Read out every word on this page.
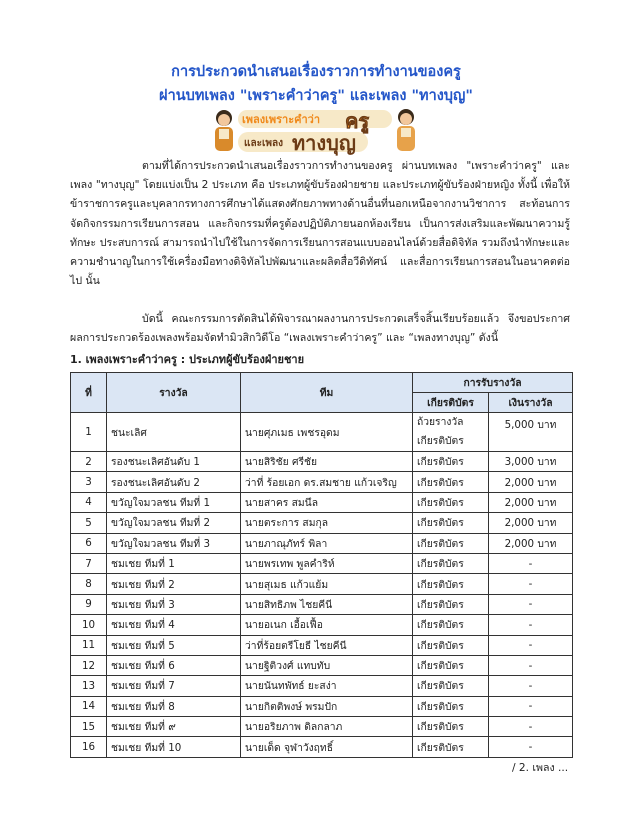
การประกวดนำเสนอเรื่องราวการทำงานของครู
ผ่านบทเพลง "เพราะคำว่าครู" และเพลง "ทางบุญ"
เพลงเพราะคำว่า ครู
และเพลง ทางบุญ
ตามที่ได้การประกวดนำเสนอเรื่องราวการทำงานของครู ผ่านบทเพลง "เพราะคำว่าครู" และเพลง "ทางบุญ" โดยแบ่งเป็น 2 ประเภท คือ ประเภทผู้ขับร้องฝ่ายชาย และประเภทผู้ขับร้องฝ่ายหญิง ทั้งนี้ เพื่อให้ข้าราชการครูและบุคลากรทางการศึกษาได้แสดงศักยภาพทางด้านอื่นที่นอกเหนือจากงานวิชาการ สะท้อนการจัดกิจกรรมการเรียนการสอน และกิจกรรมที่ครูต้องปฏิบัติภายนอกห้องเรียน เป็นการส่งเสริมและพัฒนาความรู้ ทักษะ ประสบการณ์ สามารถนำไปใช้ในการจัดการเรียนการสอนแบบออนไลน์ด้วยสื่อดิจิทัล รวมถึงนำทักษะและความชำนาญในการใช้เครื่องมือทางดิจิทัลไปพัฒนาและผลิตสื่อวีดิทัศน์ และสื่อการเรียนการสอนในอนาคตต่อไป นั้น
บัดนี้ คณะกรรมการตัดสินได้พิจารณาผลงานการประกวดเสร็จสิ้นเรียบร้อยแล้ว จึงขอประกาศผลการประกวดร้องเพลงพร้อมจัดทำมิวสิกวิดีโอ “เพลงเพราะคำว่าครู” และ “เพลงทางบุญ” ดังนี้
1. เพลงเพราะคำว่าครู : ประเภทผู้ขับร้องฝ่ายชาย
ที่	รางวัล	ทีม	การรับรางวัล	
			เกียรติบัตร	เงินรางวัล
1	ชนะเลิศ	นายศุภเมธ เพชรอุดม	ถ้วยรางวัล
เกียรติบัตร	5,000 บาท
2	รองชนะเลิศอันดับ 1	นายสิริชัย ศรีชัย	เกียรติบัตร	3,000 บาท
3	รองชนะเลิศอันดับ 2	ว่าที่ ร้อยเอก ดร.สมชาย แก้วเจริญ	เกียรติบัตร	2,000 บาท
4	ขวัญใจมวลชน ทีมที่ 1	นายสาคร สมนึล	เกียรติบัตร	2,000 บาท
5	ขวัญใจมวลชน ทีมที่ 2	นายตระการ สมกุล	เกียรติบัตร	2,000 บาท
6	ขวัญใจมวลชน ทีมที่ 3	นายภาณุภัทร์ พิลา	เกียรติบัตร	2,000 บาท
7	ชมเชย ทีมที่ 1	นายพรเทพ พูลคำริห์	เกียรติบัตร	-
8	ชมเชย ทีมที่ 2	นายสุเมธ แก้วแย้ม	เกียรติบัตร	-
9	ชมเชย ทีมที่ 3	นายสิทธิภพ ไชยคีนี	เกียรติบัตร	-
10	ชมเชย ทีมที่ 4	นายอเนก เอื้อเฟื้อ	เกียรติบัตร	-
11	ชมเชย ทีมที่ 5	ว่าที่ร้อยตรีโยธี ไชยคีนี	เกียรติบัตร	-
12	ชมเชย ทีมที่ 6	นายฐิติวงศ์ แทบทับ	เกียรติบัตร	-
13	ชมเชย ทีมที่ 7	นายนันทพัทธ์ ยะสง่า	เกียรติบัตร	-
14	ชมเชย ทีมที่ 8	นายกิตติพงษ์ พรมปัก	เกียรติบัตร	-
15	ชมเชย ทีมที่ ๙	นายอริยภาพ ดิลกลาภ	เกียรติบัตร	-
16	ชมเชย ทีมที่ 10	นายเด็ด จุฬาวังฤทธิ์	เกียรติบัตร	-
/ 2. เพลง ...
